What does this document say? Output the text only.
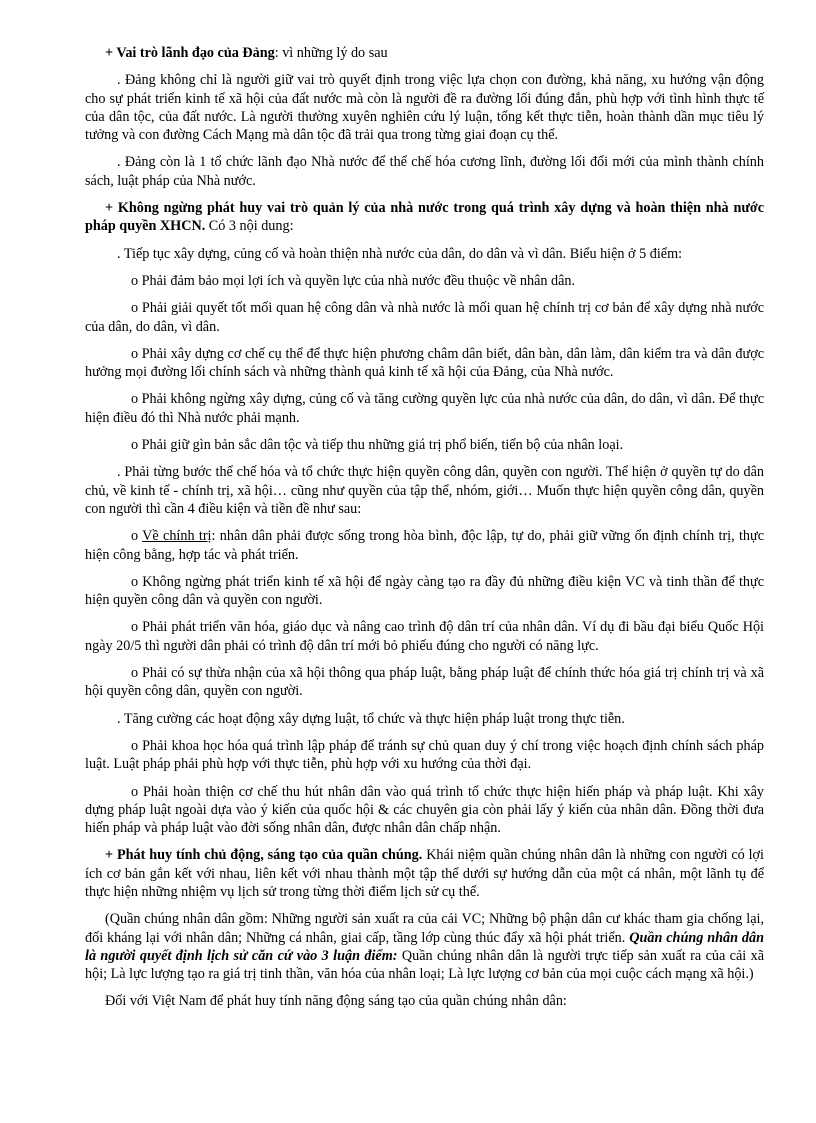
+ Vai trò lãnh đạo của Đảng: vì những lý do sau

. Đảng không chỉ là người giữ vai trò quyết định trong việc lựa chọn con đường, khả năng, xu hướng vận động cho sự phát triển kinh tế xã hội của đất nước mà còn là người đề ra đường lối đúng đắn, phù hợp với tình hình thực tế của dân tộc, của đất nước. Là người thường xuyên nghiên cứu lý luận, tổng kết thực tiễn, hoàn thành dần mục tiêu lý tưởng và con đường Cách Mạng mà dân tộc đã trải qua trong từng giai đoạn cụ thể.

. Đảng còn là 1 tổ chức lãnh đạo Nhà nước để thể chế hóa cương lĩnh, đường lối đổi mới của mình thành chính sách, luật pháp của Nhà nước.

+ Không ngừng phát huy vai trò quản lý của nhà nước trong quá trình xây dựng và hoàn thiện nhà nước pháp quyền XHCN. Có 3 nội dung:

. Tiếp tục xây dựng, củng cố và hoàn thiện nhà nước của dân, do dân và vì dân. Biểu hiện ở 5 điểm:

o Phải đảm bảo mọi lợi ích và quyền lực của nhà nước đều thuộc về nhân dân.

o Phải giải quyết tốt mối quan hệ công dân và nhà nước là mối quan hệ chính trị cơ bản để xây dựng nhà nước của dân, do dân, vì dân.

o Phải xây dựng cơ chế cụ thể để thực hiện phương châm dân biết, dân bàn, dân làm, dân kiểm tra và dân được hưởng mọi đường lối chính sách và những thành quả kinh tế xã hội của Đảng, của Nhà nước.

o Phải không ngừng xây dựng, củng cố và tăng cường quyền lực của nhà nước của dân, do dân, vì dân. Để thực hiện điều đó thì Nhà nước phải mạnh.

o Phải giữ gìn bản sắc dân tộc và tiếp thu những giá trị phổ biến, tiến bộ của nhân loại.

. Phải từng bước thể chế hóa và tổ chức thực hiện quyền công dân, quyền con người. Thể hiện ở quyền tự do dân chủ, về kinh tế - chính trị, xã hội… cũng như quyền của tập thể, nhóm, giới… Muốn thực hiện quyền công dân, quyền con người thì cần 4 điều kiện và tiền đề như sau:

o Về chính trị: nhân dân phải được sống trong hòa bình, độc lập, tự do, phải giữ vững ổn định chính trị, thực hiện công bằng, hợp tác và phát triển.

o Không ngừng phát triển kinh tế xã hội để ngày càng tạo ra đầy đủ những điều kiện VC và tinh thần để thực hiện quyền công dân và quyền con người.

o Phải phát triển văn hóa, giáo dục và nâng cao trình độ dân trí của nhân dân. Ví dụ đi bầu đại biểu Quốc Hội ngày 20/5 thì người dân phải có trình độ dân trí mới bỏ phiếu đúng cho người có năng lực.

o Phải có sự thừa nhận của xã hội thông qua pháp luật, bằng pháp luật để chính thức hóa giá trị chính trị và xã hội quyền công dân, quyền con người.

. Tăng cường các hoạt động xây dựng luật, tổ chức và thực hiện pháp luật trong thực tiễn.

o Phải khoa học hóa quá trình lập pháp để tránh sự chủ quan duy ý chí trong việc hoạch định chính sách pháp luật. Luật pháp phải phù hợp với thực tiễn, phù hợp với xu hướng của thời đại.

o Phải hoàn thiện cơ chế thu hút nhân dân vào quá trình tổ chức thực hiện hiến pháp và pháp luật. Khi xây dựng pháp luật ngoài dựa vào ý kiến của quốc hội & các chuyên gia còn phải lấy ý kiến của nhân dân. Đồng thời đưa hiến pháp và pháp luật vào đời sống nhân dân, được nhân dân chấp nhận.

+ Phát huy tính chủ động, sáng tạo của quần chúng. Khái niệm quần chúng nhân dân là những con người có lợi ích cơ bản gắn kết với nhau, liên kết với nhau thành một tập thể dưới sự hướng dẫn của một cá nhân, một lãnh tụ để thực hiện những nhiệm vụ lịch sử trong từng thời điểm lịch sử cụ thể.

(Quần chúng nhân dân gồm: Những người sản xuất ra của cải VC; Những bộ phận dân cư khác tham gia chống lại, đối kháng lại với nhân dân; Những cá nhân, giai cấp, tầng lớp cùng thúc đẩy xã hội phát triển. Quần chúng nhân dân là người quyết định lịch sử căn cứ vào 3 luận điểm: Quần chúng nhân dân là người trực tiếp sản xuất ra của cải xã hội; Là lực lượng tạo ra giá trị tinh thần, văn hóa của nhân loại; Là lực lượng cơ bản của mọi cuộc cách mạng xã hội.)

Đối với Việt Nam để phát huy tính năng động sáng tạo của quần chúng nhân dân:
